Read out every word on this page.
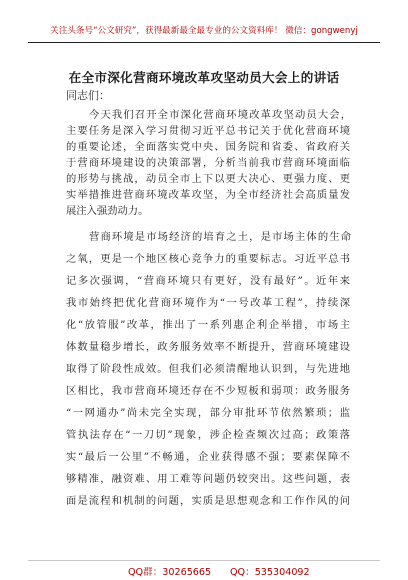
关注头条号“公文研究”，获得最新最全最专业的公文资料库！ 微信：gongwenyj
在全市深化营商环境改革攻坚动员大会上的讲话
同志们：
今天我们召开全市深化营商环境改革攻坚动员大会，
主要任务是深入学习贯彻习近平总书记关于优化营商环境
的重要论述，全面落实党中央、国务院和省委、省政府关
于营商环境建设的决策部署，分析当前我市营商环境面临
的形势与挑战，动员全市上下以更大决心、更强力度、更
实举措推进营商环境改革攻坚，为全市经济社会高质量发
展注入强劲动力。
营商环境是市场经济的培育之土，是市场主体的生命
之氧，更是一个地区核心竞争力的重要标志。习近平总书
记多次强调，“营商环境只有更好，没有最好”。近年来
我市始终把优化营商环境作为“一号改革工程”，持续深
化“放管服”改革，推出了一系列惠企利企举措，市场主
体数量稳步增长，政务服务效率不断提升，营商环境建设
取得了阶段性成效。但我们必须清醒地认识到，与先进地
区相比，我市营商环境还存在不少短板和弱项：政务服务
“一网通办”尚未完全实现，部分审批环节依然繁琐；监
管执法存在“一刀切”现象，涉企检查频次过高；政策落
实“最后一公里”不畅通，企业获得感不强；要素保障不
够精准，融资难、用工难等问题仍较突出。这些问题，表
面是流程和机制的问题，实质是思想观念和工作作风的问
QQ群：30265665 QQ：535304092
